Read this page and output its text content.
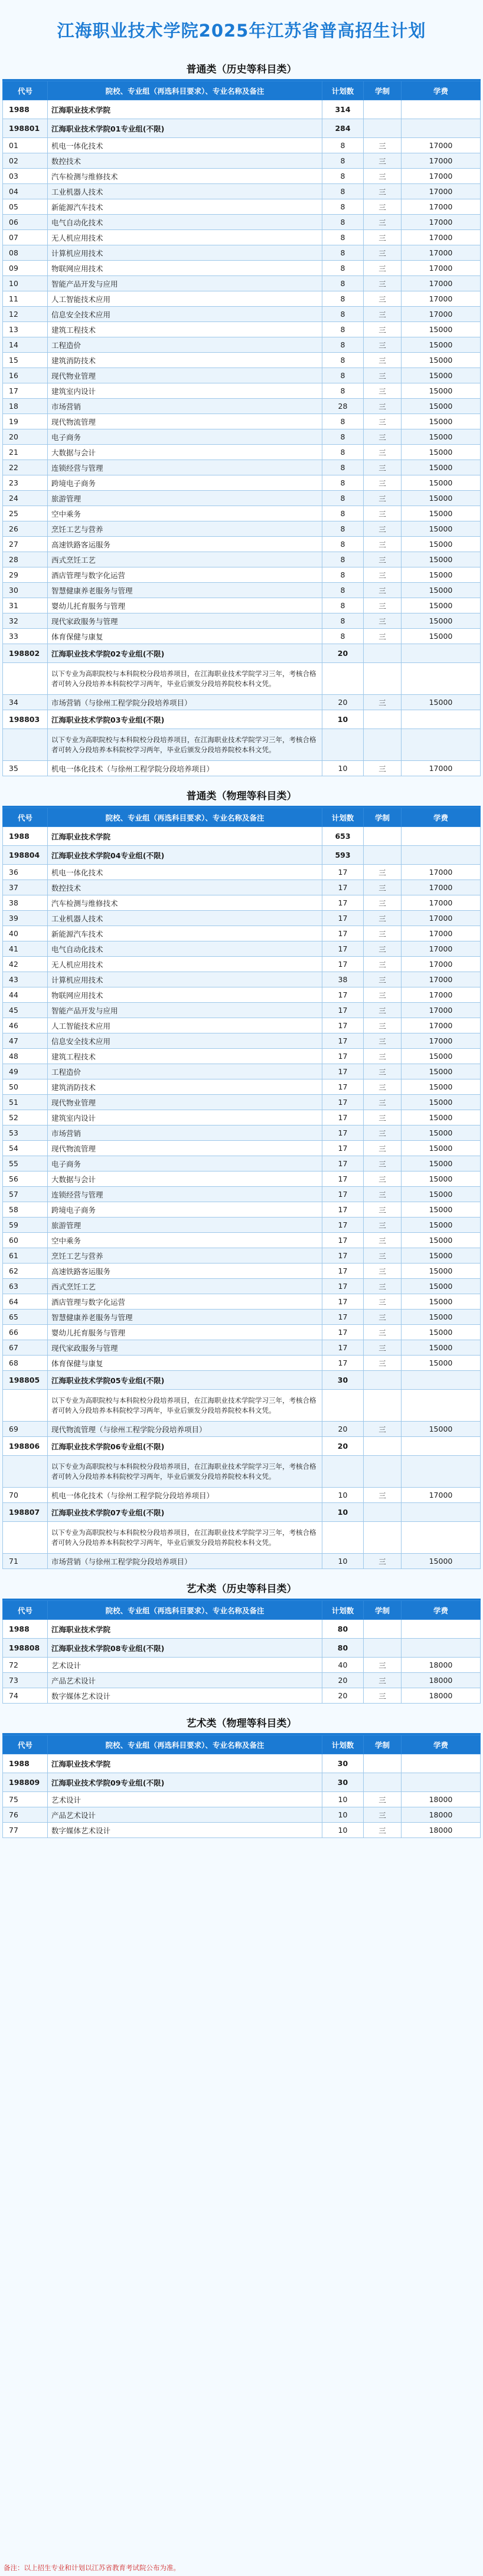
江海职业技术学院2025年江苏省普高招生计划
普通类（历史等科目类）
代号	院校、专业组（再选科目要求）、专业名称及备注	计划数	学制	学费
1988	江海职业技术学院	314		
198801	江海职业技术学院01专业组(不限)	284		
01	机电一体化技术	8	三	17000
02	数控技术	8	三	17000
03	汽车检测与维修技术	8	三	17000
04	工业机器人技术	8	三	17000
05	新能源汽车技术	8	三	17000
06	电气自动化技术	8	三	17000
07	无人机应用技术	8	三	17000
08	计算机应用技术	8	三	17000
09	物联网应用技术	8	三	17000
10	智能产品开发与应用	8	三	17000
11	人工智能技术应用	8	三	17000
12	信息安全技术应用	8	三	17000
13	建筑工程技术	8	三	15000
14	工程造价	8	三	15000
15	建筑消防技术	8	三	15000
16	现代物业管理	8	三	15000
17	建筑室内设计	8	三	15000
18	市场营销	28	三	15000
19	现代物流管理	8	三	15000
20	电子商务	8	三	15000
21	大数据与会计	8	三	15000
22	连锁经营与管理	8	三	15000
23	跨境电子商务	8	三	15000
24	旅游管理	8	三	15000
25	空中乘务	8	三	15000
26	烹饪工艺与营养	8	三	15000
27	高速铁路客运服务	8	三	15000
28	西式烹饪工艺	8	三	15000
29	酒店管理与数字化运营	8	三	15000
30	智慧健康养老服务与管理	8	三	15000
31	婴幼儿托育服务与管理	8	三	15000
32	现代家政服务与管理	8	三	15000
33	体育保健与康复	8	三	15000
198802	江海职业技术学院02专业组(不限)	20		
	以下专业为高职院校与本科院校分段培养项目，在江海职业技术学院学习三年，考核合格者可转入分段培养本科院校学习两年，毕业后颁发分段培养院校本科文凭。			
34	市场营销（与徐州工程学院分段培养项目）	20	三	15000
198803	江海职业技术学院03专业组(不限)	10		
	以下专业为高职院校与本科院校分段培养项目，在江海职业技术学院学习三年，考核合格者可转入分段培养本科院校学习两年，毕业后颁发分段培养院校本科文凭。			
35	机电一体化技术（与徐州工程学院分段培养项目）	10	三	17000
普通类（物理等科目类）
代号	院校、专业组（再选科目要求）、专业名称及备注	计划数	学制	学费
1988	江海职业技术学院	653		
198804	江海职业技术学院04专业组(不限)	593		
36	机电一体化技术	17	三	17000
37	数控技术	17	三	17000
38	汽车检测与维修技术	17	三	17000
39	工业机器人技术	17	三	17000
40	新能源汽车技术	17	三	17000
41	电气自动化技术	17	三	17000
42	无人机应用技术	17	三	17000
43	计算机应用技术	38	三	17000
44	物联网应用技术	17	三	17000
45	智能产品开发与应用	17	三	17000
46	人工智能技术应用	17	三	17000
47	信息安全技术应用	17	三	17000
48	建筑工程技术	17	三	15000
49	工程造价	17	三	15000
50	建筑消防技术	17	三	15000
51	现代物业管理	17	三	15000
52	建筑室内设计	17	三	15000
53	市场营销	17	三	15000
54	现代物流管理	17	三	15000
55	电子商务	17	三	15000
56	大数据与会计	17	三	15000
57	连锁经营与管理	17	三	15000
58	跨境电子商务	17	三	15000
59	旅游管理	17	三	15000
60	空中乘务	17	三	15000
61	烹饪工艺与营养	17	三	15000
62	高速铁路客运服务	17	三	15000
63	西式烹饪工艺	17	三	15000
64	酒店管理与数字化运营	17	三	15000
65	智慧健康养老服务与管理	17	三	15000
66	婴幼儿托育服务与管理	17	三	15000
67	现代家政服务与管理	17	三	15000
68	体育保健与康复	17	三	15000
198805	江海职业技术学院05专业组(不限)	30		
	以下专业为高职院校与本科院校分段培养项目，在江海职业技术学院学习三年，考核合格者可转入分段培养本科院校学习两年，毕业后颁发分段培养院校本科文凭。			
69	现代物流管理（与徐州工程学院分段培养项目）	20	三	15000
198806	江海职业技术学院06专业组(不限)	20		
	以下专业为高职院校与本科院校分段培养项目，在江海职业技术学院学习三年，考核合格者可转入分段培养本科院校学习两年，毕业后颁发分段培养院校本科文凭。			
70	机电一体化技术（与徐州工程学院分段培养项目）	10	三	17000
198807	江海职业技术学院07专业组(不限)	10		
	以下专业为高职院校与本科院校分段培养项目，在江海职业技术学院学习三年，考核合格者可转入分段培养本科院校学习两年，毕业后颁发分段培养院校本科文凭。			
71	市场营销（与徐州工程学院分段培养项目）	10	三	15000
艺术类（历史等科目类）
代号	院校、专业组（再选科目要求）、专业名称及备注	计划数	学制	学费
1988	江海职业技术学院	80		
198808	江海职业技术学院08专业组(不限)	80		
72	艺术设计	40	三	18000
73	产品艺术设计	20	三	18000
74	数字媒体艺术设计	20	三	18000
艺术类（物理等科目类）
代号	院校、专业组（再选科目要求）、专业名称及备注	计划数	学制	学费
1988	江海职业技术学院	30		
198809	江海职业技术学院09专业组(不限)	30		
75	艺术设计	10	三	18000
76	产品艺术设计	10	三	18000
77	数字媒体艺术设计	10	三	18000
备注：以上招生专业和计划以江苏省教育考试院公布为准。
